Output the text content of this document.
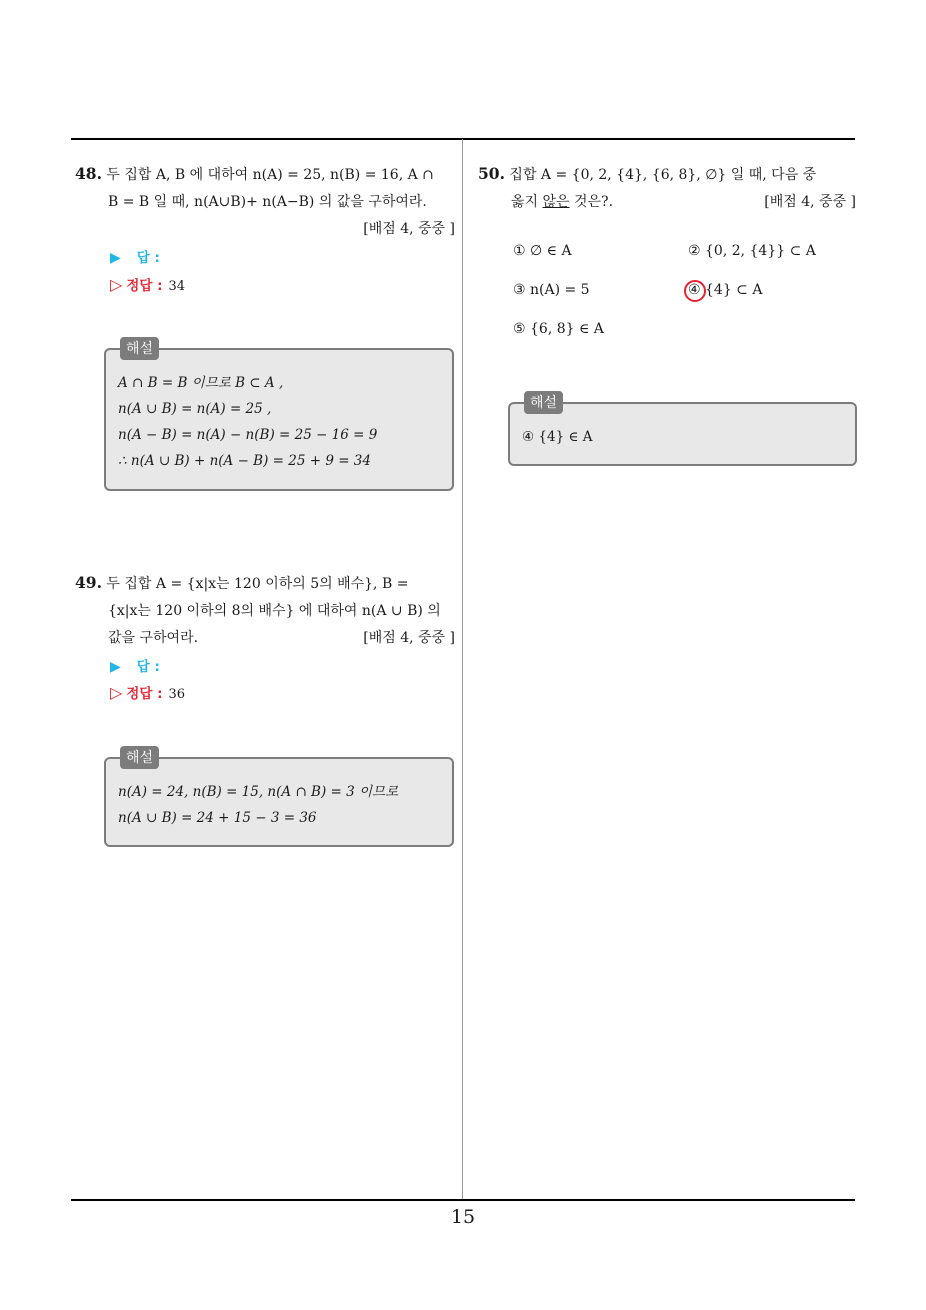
15
48. 두 집합 A, B 에 대하여 n(A) = 25, n(B) = 16, A ∩
B = B 일 때, n(A∪B)+ n(A−B) 의 값을 구하여라.
[배점 4, 중중 ]
▶ 답 :
▷ 정답 : 34
해설
A ∩ B = B 이므로 B ⊂ A ,
n(A ∪ B) = n(A) = 25 ,
n(A − B) = n(A) − n(B) = 25 − 16 = 9
∴ n(A ∪ B) + n(A − B) = 25 + 9 = 34
49. 두 집합 A = {x|x는 120 이하의 5의 배수}, B =
{x|x는 120 이하의 8의 배수} 에 대하여 n(A ∪ B) 의
값을 구하여라.	[배점 4, 중중 ]
▶ 답 :
▷ 정답 : 36
해설
n(A) = 24, n(B) = 15, n(A ∩ B) = 3 이므로
n(A ∪ B) = 24 + 15 − 3 = 36
50. 집합 A = {0, 2, {4}, {6, 8}, ∅} 일 때, 다음 중
옳지 않은 것은?.	[배점 4, 중중 ]
① ∅ ∈ A	② {0, 2, {4}} ⊂ A
③ n(A) = 5	④ {4} ⊂ A
⑤ {6, 8} ∈ A
해설
④ {4} ∈ A
